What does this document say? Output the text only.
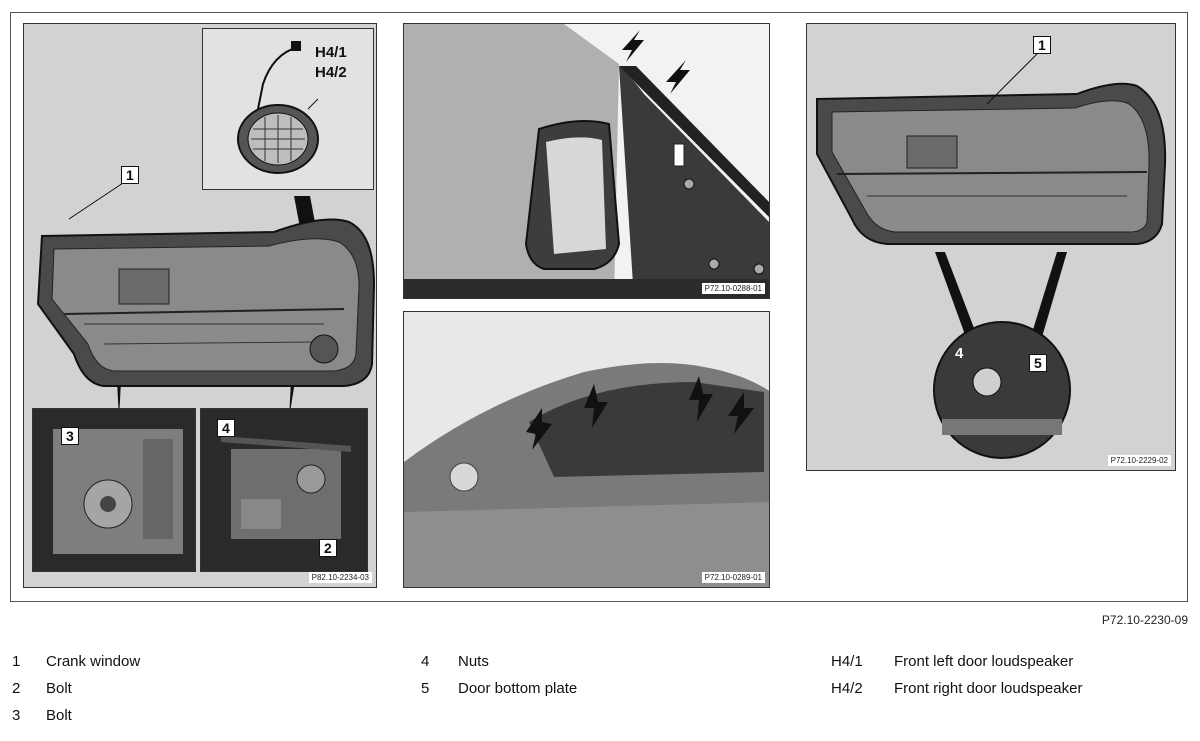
H4/1
H4/2
1
3	4
2
P82.10-2234-03
P72.10-0288-01
P72.10-0289-01
1
4
5
P72.10-2229-02
P72.10-2230-09
1	Crank window
2	Bolt
3	Bolt
4	Nuts
5	Door bottom plate
H4/1	Front left door loudspeaker
H4/2	Front right door loudspeaker
